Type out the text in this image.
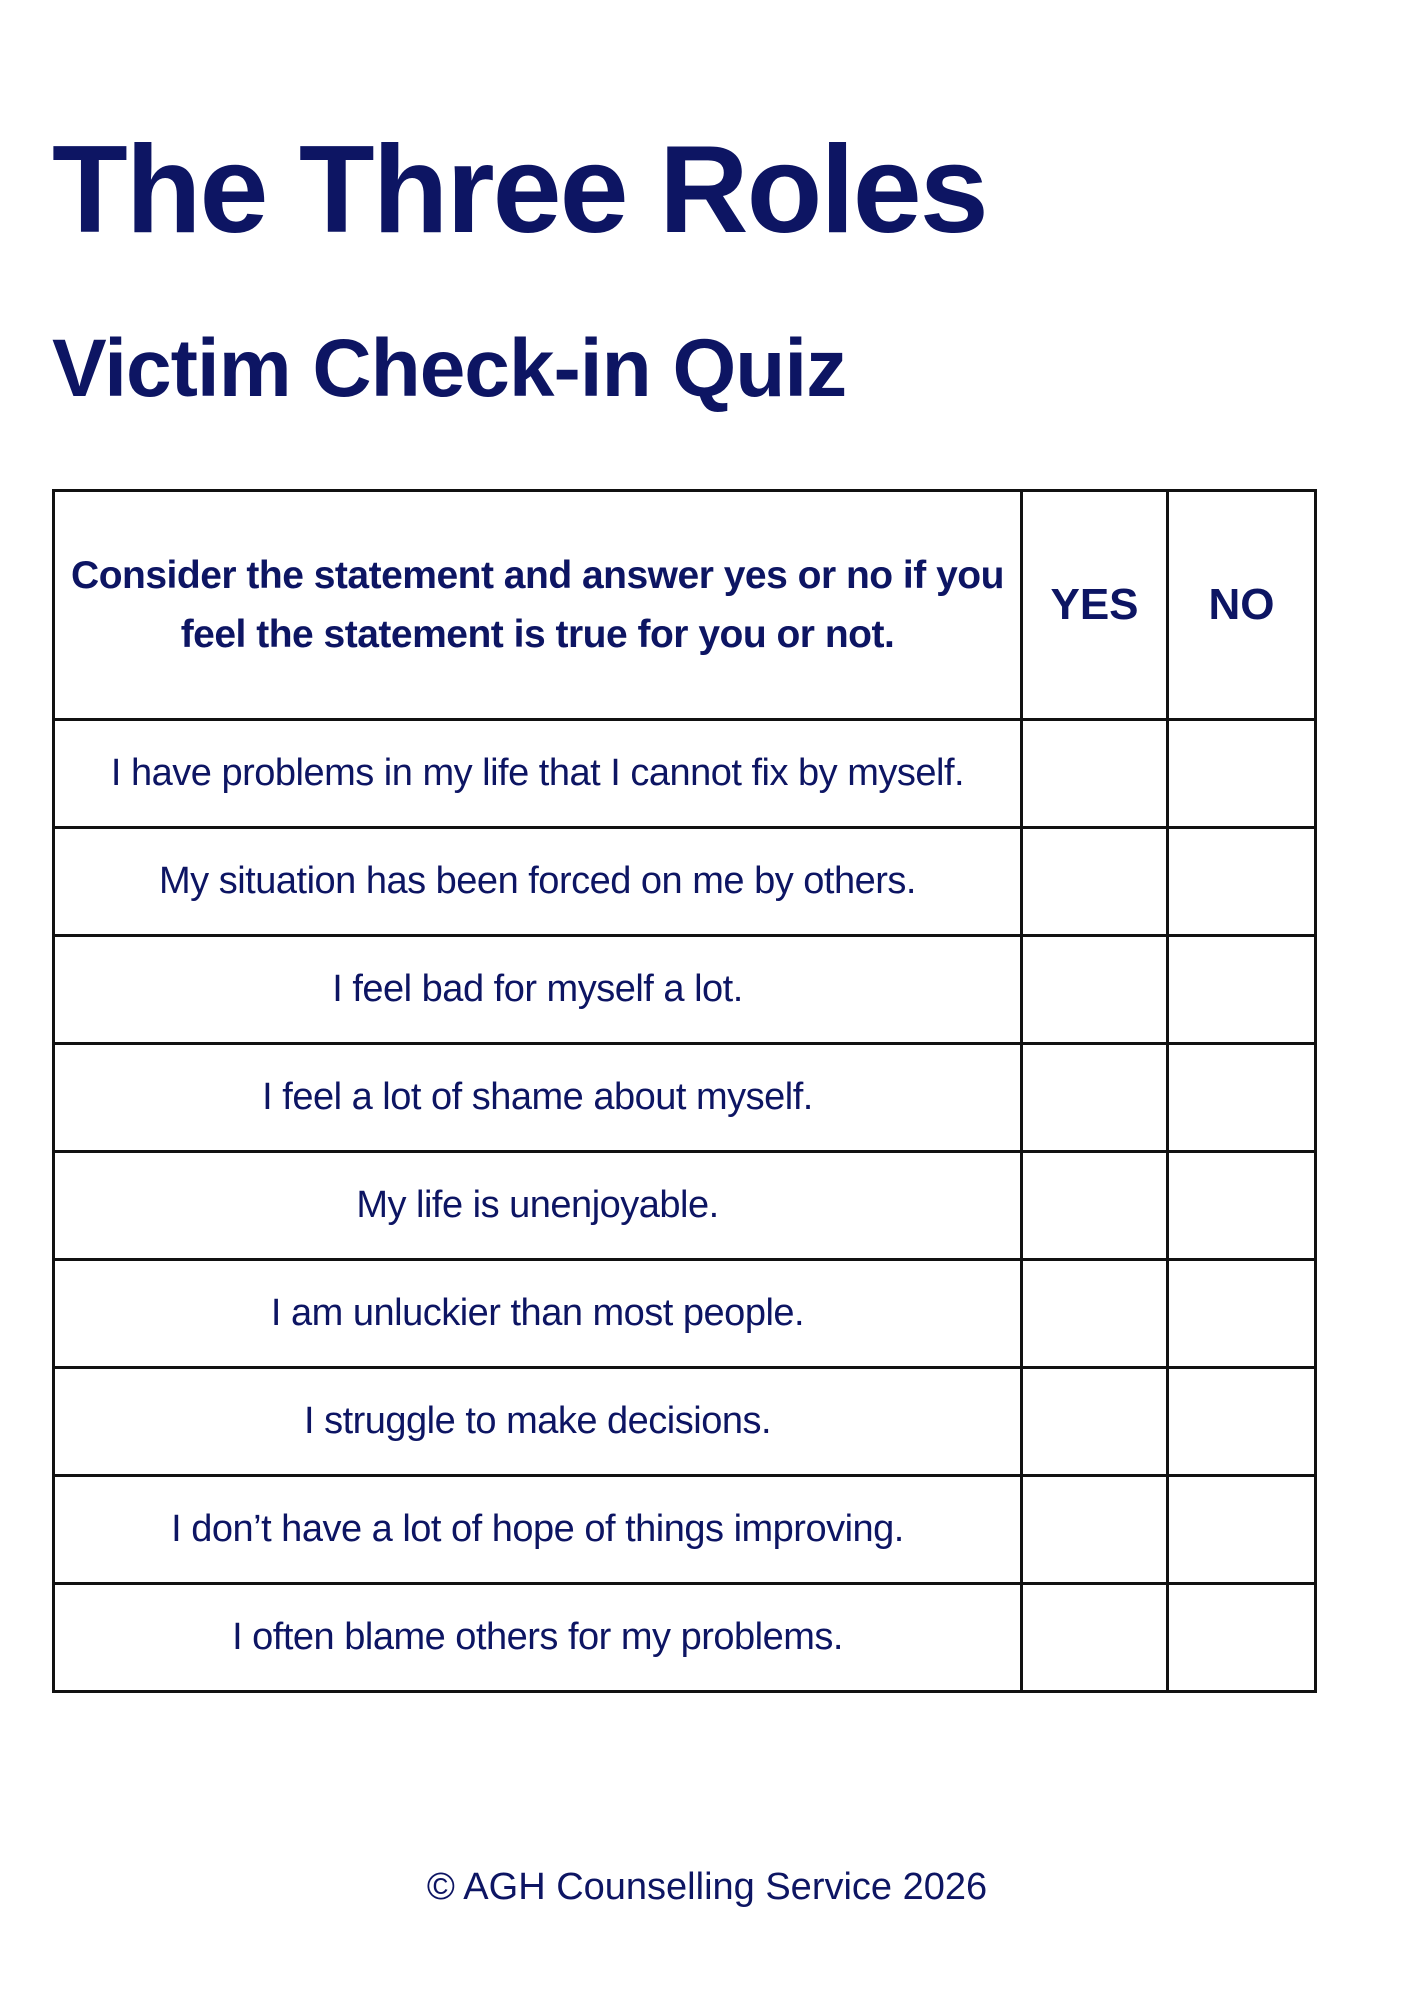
The Three Roles
Victim Check-in Quiz
Consider the statement and answer yes or no if you feel the statement is true for you or not.	YES	NO
I have problems in my life that I cannot fix by myself.		
My situation has been forced on me by others.		
I feel bad for myself a lot.		
I feel a lot of shame about myself.		
My life is unenjoyable.		
I am unluckier than most people.		
I struggle to make decisions.		
I don’t have a lot of hope of things improving.		
I often blame others for my problems.		
© AGH Counselling Service 2026
